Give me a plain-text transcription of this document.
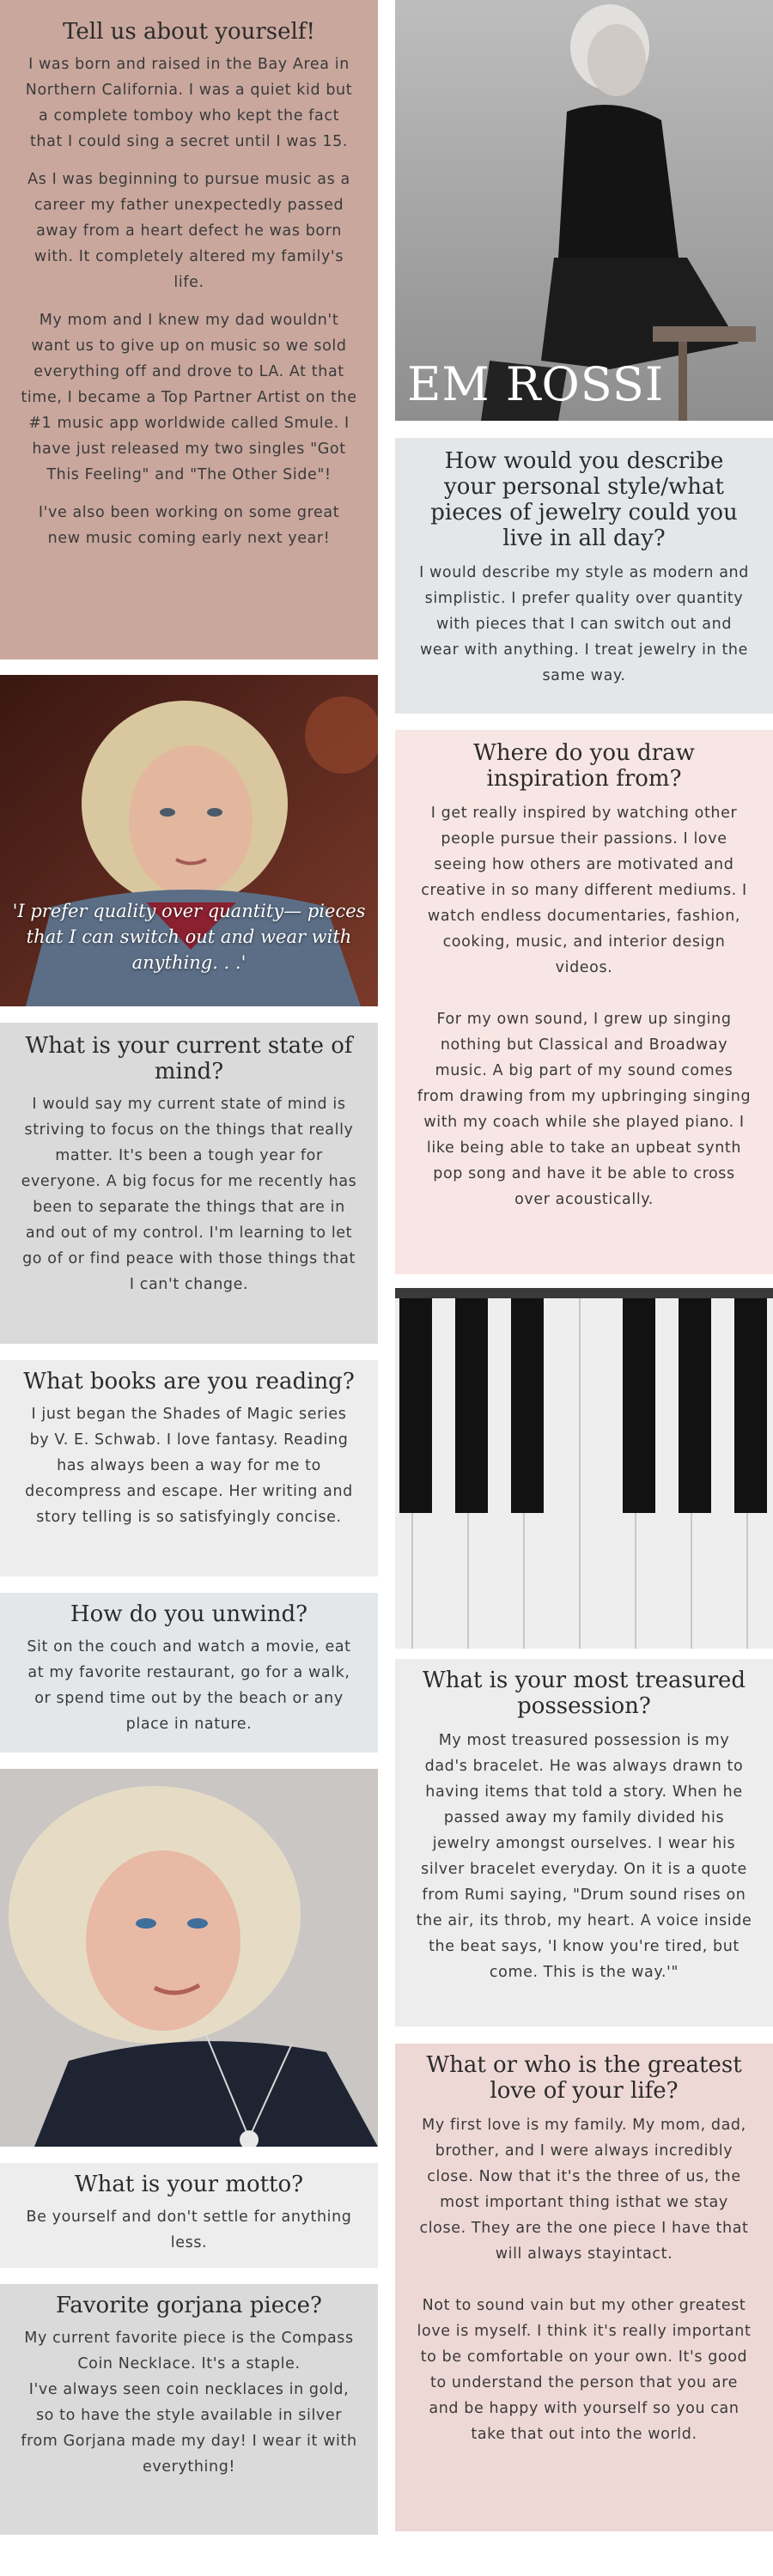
Tell us about yourself!

I was born and raised in the Bay Area in Northern California. I was a quiet kid but a complete tomboy who kept the fact that I could sing a secret until I was 15.

As I was beginning to pursue music as a career my father unexpectedly passed away from a heart defect he was born with. It completely altered my family's life.

My mom and I knew my dad wouldn't want us to give up on music so we sold everything off and drove to LA. At that time, I became a Top Partner Artist on the #1 music app worldwide called Smule. I have just released my two singles "Got This Feeling" and "The Other Side"!

I've also been working on some great new music coming early next year!

'I prefer quality over quantity— pieces that I can switch out and wear with anything. . .'
What is your current state of mind?

I would say my current state of mind is striving to focus on the things that really matter. It's been a tough year for everyone. A big focus for me recently has been to separate the things that are in and out of my control. I'm learning to let go of or find peace with those things that I can't change.

What books are you reading?

I just began the Shades of Magic series by V. E. Schwab. I love fantasy. Reading has always been a way for me to decompress and escape. Her writing and story telling is so satisfyingly concise.

How do you unwind?

Sit on the couch and watch a movie, eat at my favorite restaurant, go for a walk, or spend time out by the beach or any place in nature.

What is your motto?

Be yourself and don't settle for anything less.

Favorite gorjana piece?

My current favorite piece is the Compass Coin Necklace. It's a staple.

I've always seen coin necklaces in gold, so to have the style available in silver from Gorjana made my day! I wear it with everything!

EM ROSSI
How would you describe your personal style/what pieces of jewelry could you live in all day?

I would describe my style as modern and simplistic. I prefer quality over quantity with pieces that I can switch out and wear with anything. I treat jewelry in the same way.

Where do you draw inspiration from?

I get really inspired by watching other people pursue their passions. I love seeing how others are motivated and creative in so many different mediums. I watch endless documentaries, fashion, cooking, music, and interior design videos.

For my own sound, I grew up singing nothing but Classical and Broadway music. A big part of my sound comes from drawing from my upbringing singing with my coach while she played piano. I like being able to take an upbeat synth pop song and have it be able to cross over acoustically.

What is your most treasured possession?

My most treasured possession is my dad's bracelet. He was always drawn to having items that told a story. When he passed away my family divided his jewelry amongst ourselves. I wear his silver bracelet everyday. On it is a quote from Rumi saying, "Drum sound rises on the air, its throb, my heart. A voice inside the beat says, 'I know you're tired, but come. This is the way.'"

What or who is the greatest love of your life?

My first love is my family. My mom, dad, brother, and I were always incredibly close. Now that it's the three of us, the most important thing isthat we stay close. They are the one piece I have that will always stayintact.

Not to sound vain but my other greatest love is myself. I think it's really important to be comfortable on your own. It's good to understand the person that you are and be happy with yourself so you can take that out into the world.
